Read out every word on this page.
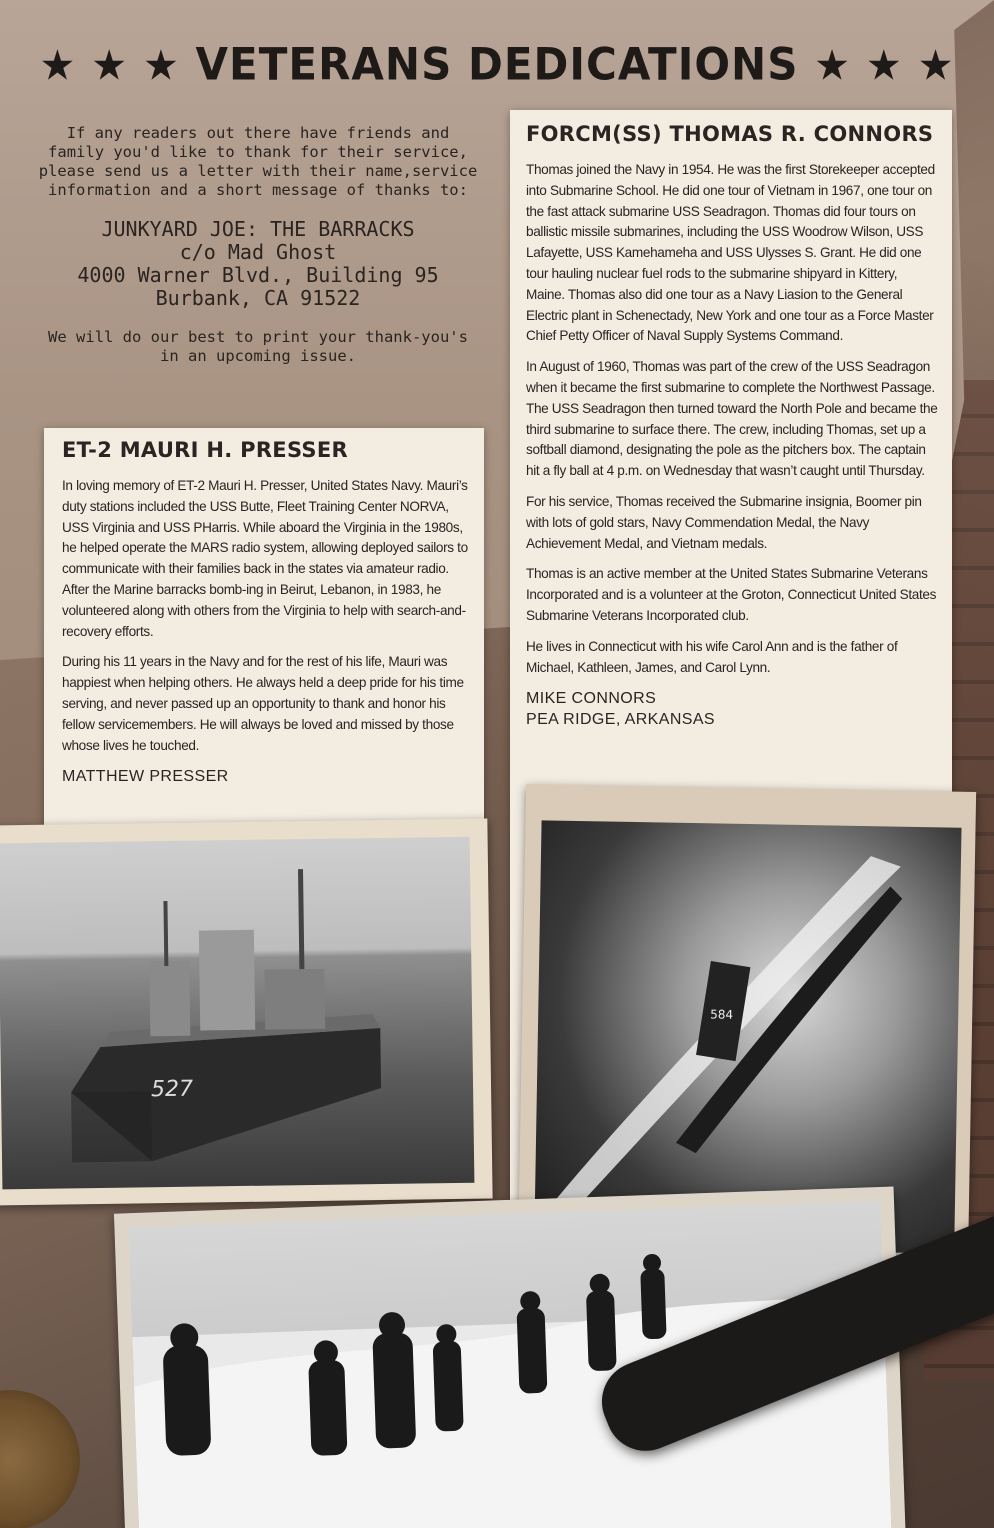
★ ★ ★ VETERANS DEDICATIONS ★ ★ ★

If any readers out there have friends and family you'd like to thank for their service, please send us a letter with their name,service information and a short message of thanks to:

JUNKYARD JOE: THE BARRACKS
c/o Mad Ghost
4000 Warner Blvd., Building 95
Burbank, CA 91522

We will do our best to print your thank-you's in an upcoming issue.

FORCM(SS) THOMAS R. CONNORS

Thomas joined the Navy in 1954. He was the first Storekeeper accepted into Submarine School. He did one tour of Vietnam in 1967, one tour on the fast attack submarine USS Seadragon. Thomas did four tours on ballistic missile submarines, including the USS Woodrow Wilson, USS Lafayette, USS Kamehameha and USS Ulysses S. Grant. He did one tour hauling nuclear fuel rods to the submarine shipyard in Kittery, Maine. Thomas also did one tour as a Navy Liasion to the General Electric plant in Schenectady, New York and one tour as a Force Master Chief Petty Officer of Naval Supply Systems Command.

In August of 1960, Thomas was part of the crew of the USS Seadragon when it became the first submarine to complete the Northwest Passage. The USS Seadragon then turned toward the North Pole and became the third submarine to surface there. The crew, including Thomas, set up a softball diamond, designating the pole as the pitchers box. The captain hit a fly ball at 4 p.m. on Wednesday that wasn’t caught until Thursday.

For his service, Thomas received the Submarine insignia, Boomer pin with lots of gold stars, Navy Commendation Medal, the Navy Achievement Medal, and Vietnam medals.

Thomas is an active member at the United States Submarine Veterans Incorporated and is a volunteer at the Groton, Connecticut United States Submarine Veterans Incorporated club.

He lives in Connecticut with his wife Carol Ann and is the father of Michael, Kathleen, James, and Carol Lynn.

MIKE CONNORS
PEA RIDGE, ARKANSAS
ET-2 MAURI H. PRESSER

In loving memory of ET-2 Mauri H. Presser, United States Navy. Mauri’s duty stations included the USS Butte, Fleet Training Center NORVA, USS Virginia and USS PHarris. While aboard the Virginia in the 1980s, he helped operate the MARS radio system, allowing deployed sailors to communicate with their families back in the states via amateur radio. After the Marine barracks bomb-ing in Beirut, Lebanon, in 1983, he volunteered along with others from the Virginia to help with search-and-recovery efforts.

During his 11 years in the Navy and for the rest of his life, Mauri was happiest when helping others. He always held a deep pride for his time serving, and never passed up an opportunity to thank and honor his fellow servicemembers. He will always be loved and missed by those whose lives he touched.

MATTHEW PRESSER
527
584
